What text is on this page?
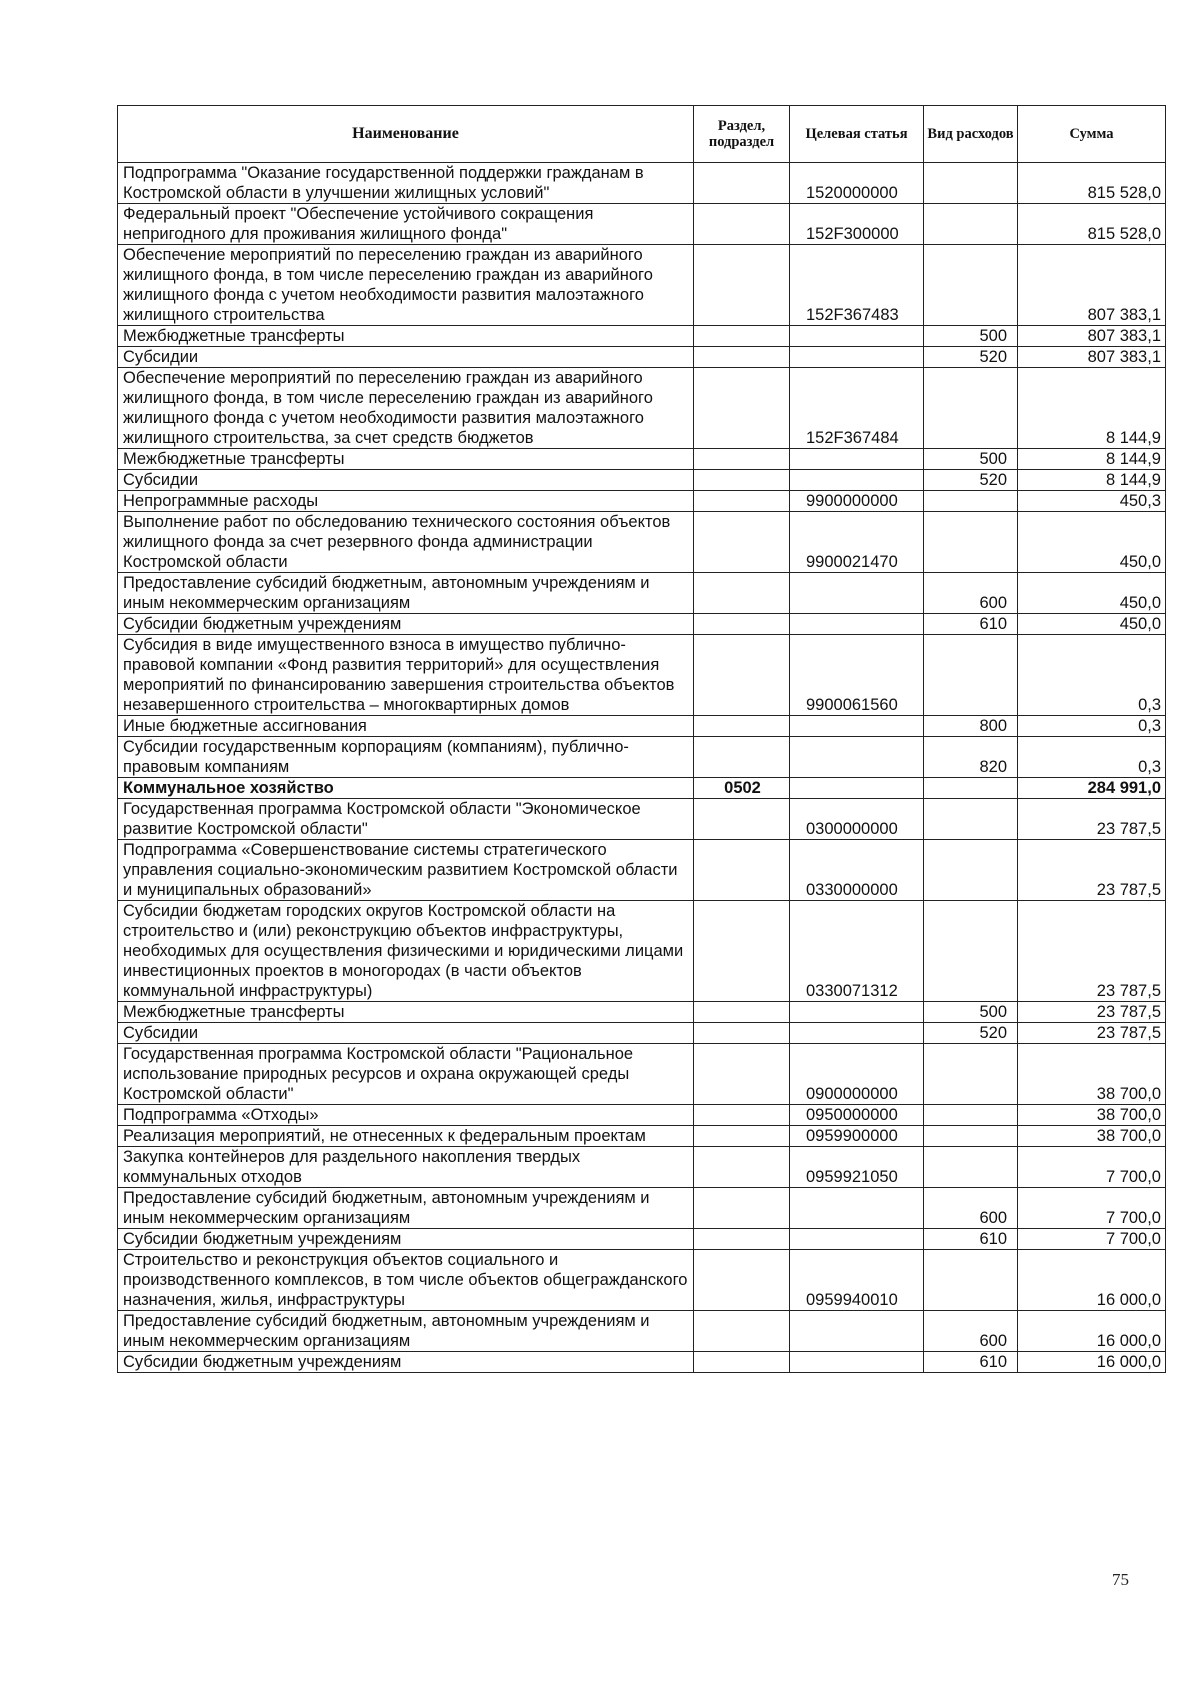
Наименование	Раздел, подраздел	Целевая статья	Вид расходов	Сумма
Подпрограмма "Оказание государственной поддержки гражданам в Костромской области в улучшении жилищных условий"		1520000000		815 528,0
Федеральный проект "Обеспечение устойчивого сокращения непригодного для проживания жилищного фонда"		152F300000		815 528,0
Обеспечение мероприятий по переселению граждан из аварийного жилищного фонда, в том числе переселению граждан из аварийного жилищного фонда с учетом необходимости развития малоэтажного жилищного строительства		152F367483		807 383,1
Межбюджетные трансферты			500	807 383,1
Субсидии			520	807 383,1
Обеспечение мероприятий по переселению граждан из аварийного жилищного фонда, в том числе переселению граждан из аварийного жилищного фонда с учетом необходимости развития малоэтажного жилищного строительства, за счет средств бюджетов		152F367484		8 144,9
Межбюджетные трансферты			500	8 144,9
Субсидии			520	8 144,9
Непрограммные расходы		9900000000		450,3
Выполнение работ по обследованию технического состояния объектов жилищного фонда за счет резервного фонда администрации Костромской области		9900021470		450,0
Предоставление субсидий бюджетным, автономным учреждениям и иным некоммерческим организациям			600	450,0
Субсидии бюджетным учреждениям			610	450,0
Субсидия в виде имущественного взноса в имущество публично-правовой компании «Фонд развития территорий» для осуществления мероприятий по финансированию завершения строительства объектов незавершенного строительства – многоквартирных домов		9900061560		0,3
Иные бюджетные ассигнования			800	0,3
Субсидии государственным корпорациям (компаниям), публично-правовым компаниям			820	0,3
Коммунальное хозяйство	0502			284 991,0
Государственная программа Костромской области "Экономическое развитие Костромской области"		0300000000		23 787,5
Подпрограмма «Совершенствование системы стратегического управления социально-экономическим развитием Костромской области и муниципальных образований»		0330000000		23 787,5
Субсидии бюджетам городских округов Костромской области на строительство и (или) реконструкцию объектов инфраструктуры, необходимых для осуществления физическими и юридическими лицами инвестиционных проектов в моногородах (в части объектов коммунальной инфраструктуры)		0330071312		23 787,5
Межбюджетные трансферты			500	23 787,5
Субсидии			520	23 787,5
Государственная программа Костромской области "Рациональное использование природных ресурсов и охрана окружающей среды Костромской области"		0900000000		38 700,0
Подпрограмма «Отходы»		0950000000		38 700,0
Реализация мероприятий, не отнесенных к федеральным проектам		0959900000		38 700,0
Закупка контейнеров для раздельного накопления твердых коммунальных отходов		0959921050		7 700,0
Предоставление субсидий бюджетным, автономным учреждениям и иным некоммерческим организациям			600	7 700,0
Субсидии бюджетным учреждениям			610	7 700,0
Строительство и реконструкция объектов социального и производственного комплексов, в том числе объектов общегражданского назначения, жилья, инфраструктуры		0959940010		16 000,0
Предоставление субсидий бюджетным, автономным учреждениям и иным некоммерческим организациям			600	16 000,0
Субсидии бюджетным учреждениям			610	16 000,0
75
